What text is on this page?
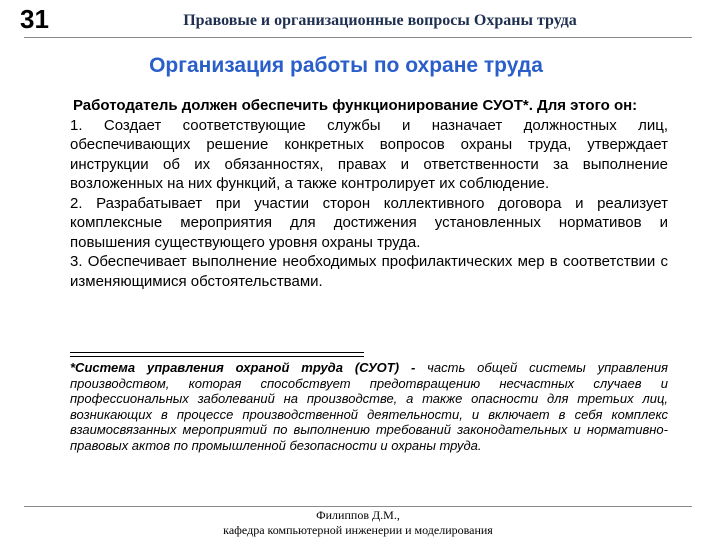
31	Правовые и организационные вопросы Охраны труда
Организация работы по охране труда

Работодатель должен обеспечить функционирование СУОТ*. Для этого он:

1. Создает соответствующие службы и назначает должностных лиц, обеспечивающих решение конкретных вопросов охраны труда, утверждает инструкции об их обязанностях, правах и ответственности за выполнение возложенных на них функций, а также контролирует их соблюдение.

2. Разрабатывает при участии сторон коллективного договора и реализует комплексные мероприятия для достижения установленных нормативов и повышения существующего уровня охраны труда.

3. Обеспечивает выполнение необходимых профилактических мер в соответствии с изменяющимися обстоятельствами.

*Система управления охраной труда (СУОТ) - часть общей системы управления производством, которая способствует предотвращению несчастных случаев и профессиональных заболеваний на производстве, а также опасности для третьих лиц, возникающих в процессе производственной деятельности, и включает в себя комплекс взаимосвязанных мероприятий по выполнению требований законодательных и нормативно-правовых актов по промышленной безопасности и охраны труда.

Филиппов Д.М.,
кафедра компьютерной инженерии и моделирования
